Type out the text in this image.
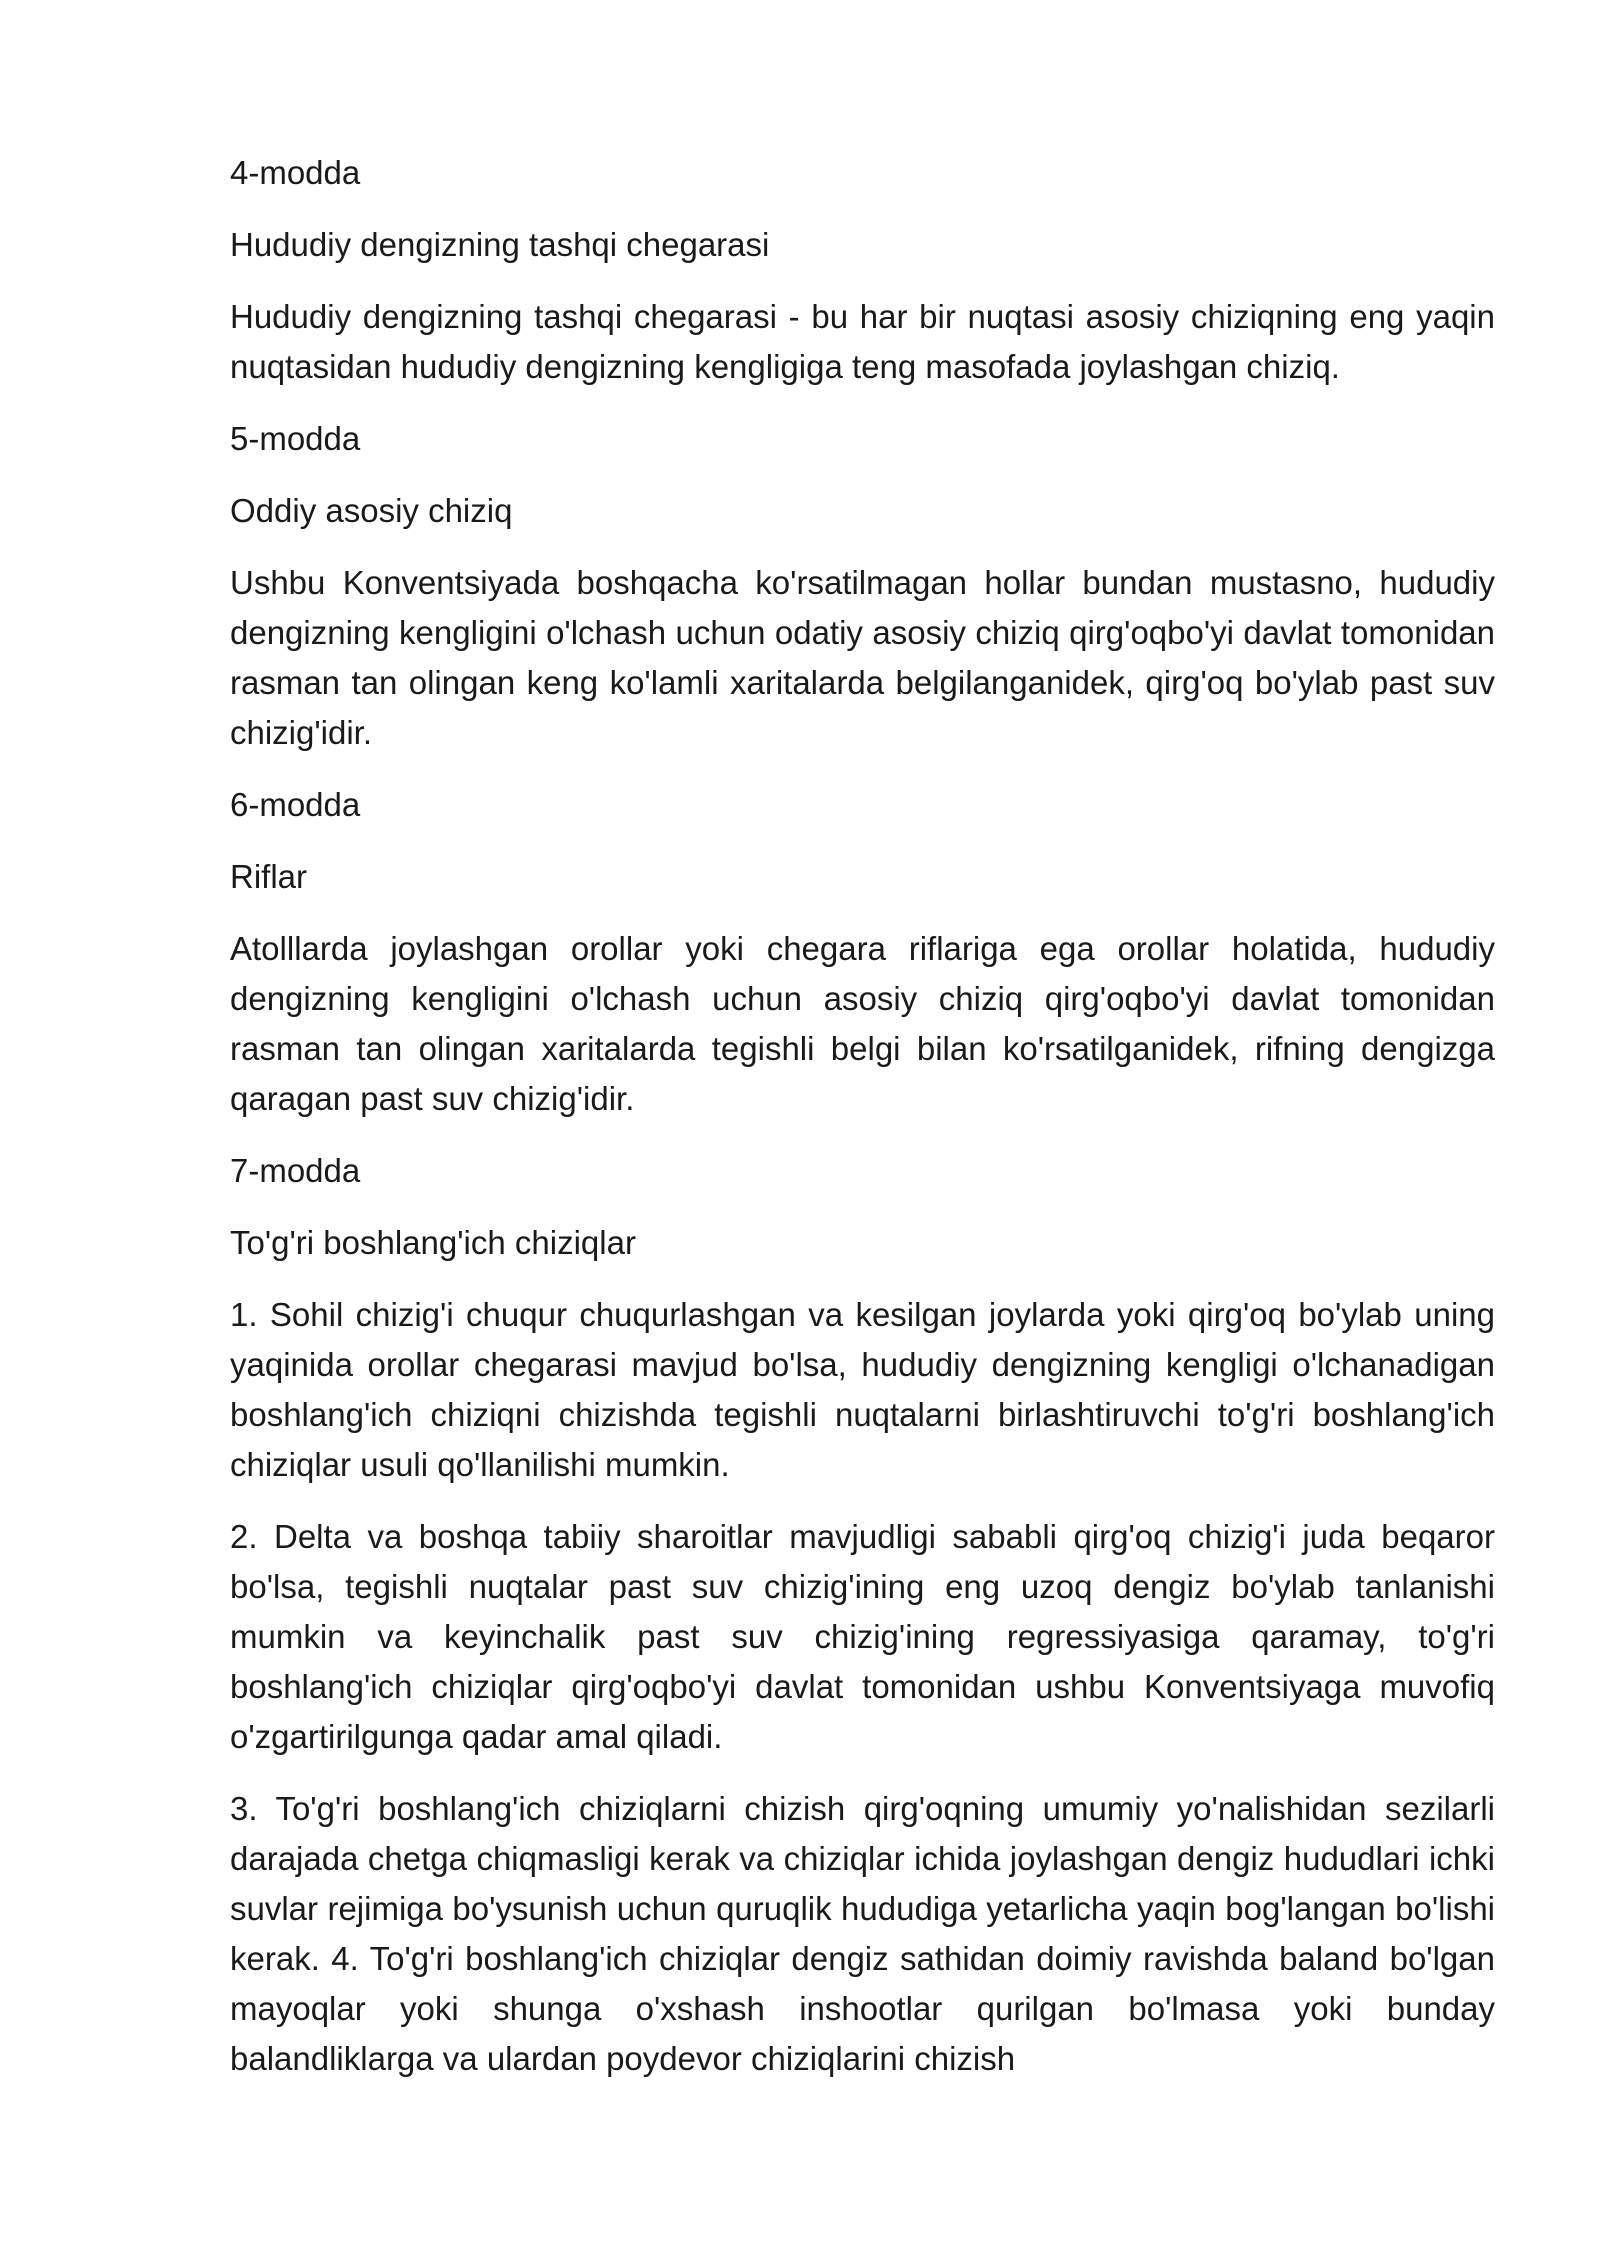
4-modda

Hududiy dengizning tashqi chegarasi

Hududiy dengizning tashqi chegarasi - bu har bir nuqtasi asosiy chiziqning eng yaqin nuqtasidan hududiy dengizning kengligiga teng masofada joylashgan chiziq.

5-modda

Oddiy asosiy chiziq

Ushbu Konventsiyada boshqacha ko'rsatilmagan hollar bundan mustasno, hududiy dengizning kengligini o'lchash uchun odatiy asosiy chiziq qirg'oqbo'yi davlat tomonidan rasman tan olingan keng ko'lamli xaritalarda belgilanganidek, qirg'oq bo'ylab past suv chizig'idir.

6-modda

Riflar

Atolllarda joylashgan orollar yoki chegara riflariga ega orollar holatida, hududiy dengizning kengligini o'lchash uchun asosiy chiziq qirg'oqbo'yi davlat tomonidan rasman tan olingan xaritalarda tegishli belgi bilan ko'rsatilganidek, rifning dengizga qaragan past suv chizig'idir.

7-modda

To'g'ri boshlang'ich chiziqlar

1. Sohil chizig'i chuqur chuqurlashgan va kesilgan joylarda yoki qirg'oq bo'ylab uning yaqinida orollar chegarasi mavjud bo'lsa, hududiy dengizning kengligi o'lchanadigan boshlang'ich chiziqni chizishda tegishli nuqtalarni birlashtiruvchi to'g'ri boshlang'ich chiziqlar usuli qo'llanilishi mumkin.

2. Delta va boshqa tabiiy sharoitlar mavjudligi sababli qirg'oq chizig'i juda beqaror bo'lsa, tegishli nuqtalar past suv chizig'ining eng uzoq dengiz bo'ylab tanlanishi mumkin va keyinchalik past suv chizig'ining regressiyasiga qaramay, to'g'ri boshlang'ich chiziqlar qirg'oqbo'yi davlat tomonidan ushbu Konventsiyaga muvofiq o'zgartirilgunga qadar amal qiladi.

3. To'g'ri boshlang'ich chiziqlarni chizish qirg'oqning umumiy yo'nalishidan sezilarli darajada chetga chiqmasligi kerak va chiziqlar ichida joylashgan dengiz hududlari ichki suvlar rejimiga bo'ysunish uchun quruqlik hududiga yetarlicha yaqin bog'langan bo'lishi kerak. 4. To'g'ri boshlang'ich chiziqlar dengiz sathidan doimiy ravishda baland bo'lgan mayoqlar yoki shunga o'xshash inshootlar qurilgan bo'lmasa yoki bunday balandliklarga va ulardan poydevor chiziqlarini chizish
